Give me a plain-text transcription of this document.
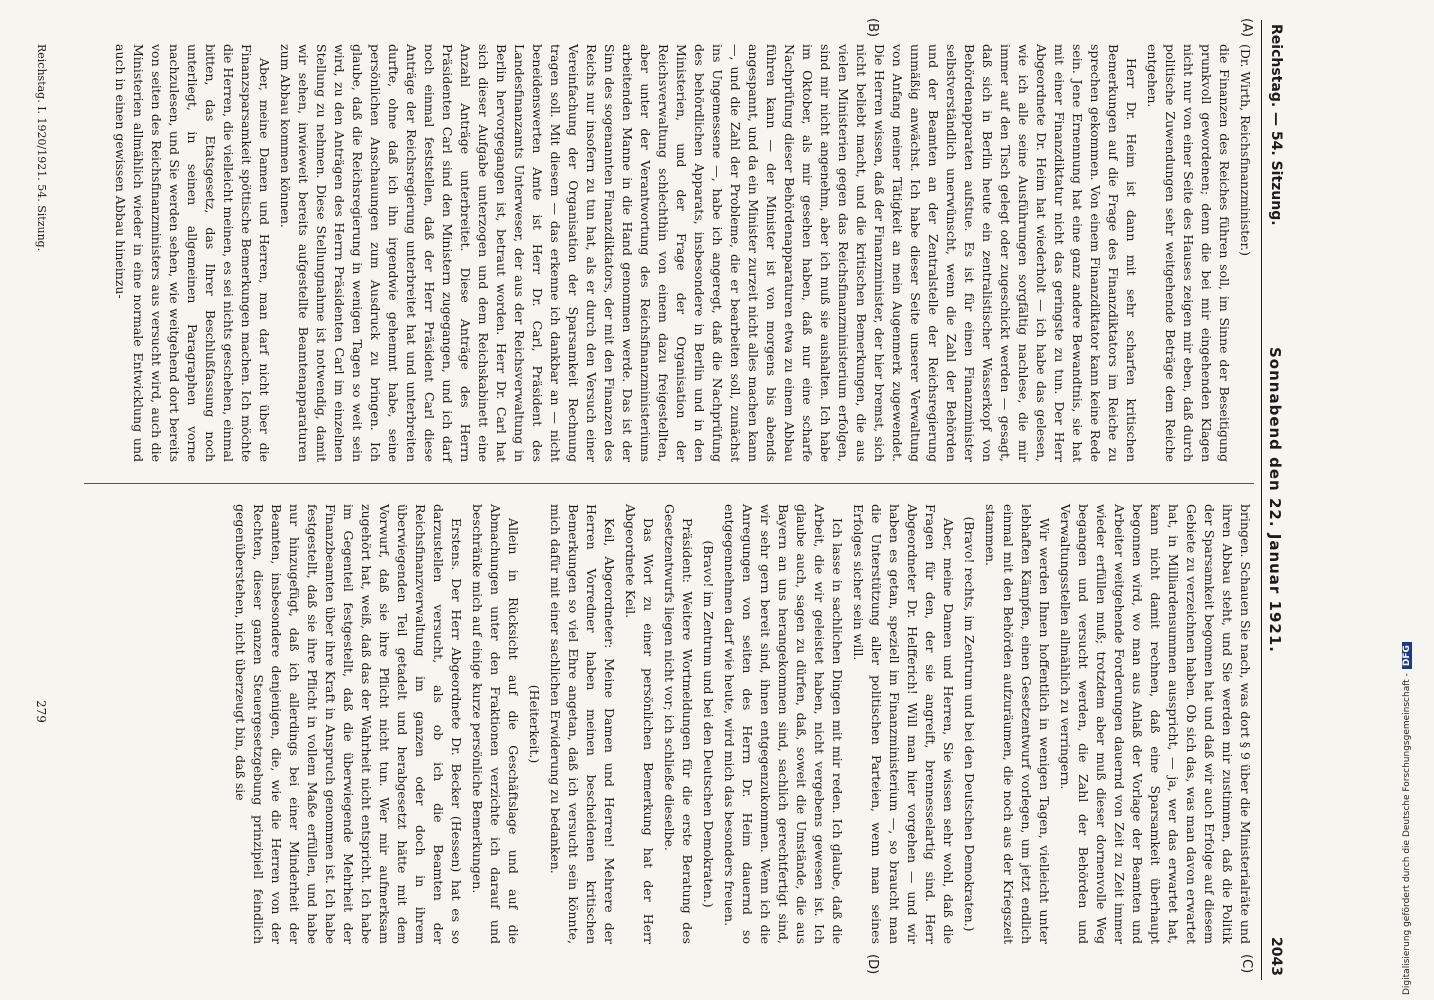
Reichstag. — 54. Sitzung.
Sonnabend den 22. Januar 1921.
2043
(A)
(B)
(C)
(D)

(Dr. Wirth, Reichsfinanzminister.)

die Finanzen des Reiches führen soll, im Sinne der Beseitigung prunkvoll gewordenen; denn die bei mir eingehenden Klagen nicht nur von einer Seite des Hauses zeigen mir eben, daß durch politische Zuwendungen sehr weitgehende Beträge dem Reiche entgehen.

Herr Dr. Heim ist dann mit sehr scharfen kritischen Bemerkungen auf die Frage des Finanzdiktators im Reiche zu sprechen gekommen. Von einem Finanzdiktator kann keine Rede sein. Jene Ernennung hat eine ganz andere Bewandtnis, sie hat mit einer Finanzdiktatur nicht das geringste zu tun. Der Herr Abgeordnete Dr. Heim hat wiederholt — ich habe das gelesen, wie ich alle seine Ausführungen sorgfältig nachlese, die mir immer auf den Tisch gelegt oder zugeschickt werden — gesagt, daß sich in Berlin heute ein zentralistischer Wasserkopf von Behördenapparaten aufstue. Es ist für einen Finanzminister selbstverständlich unerwünscht, wenn die Zahl der Behörden und der Beamten an der Zentralstelle der Reichsregierung unmäßig anwächst. Ich habe dieser Seite unserer Verwaltung von Anfang meiner Tätigkeit an mein Augenmerk zugewendet. Die Herren wissen, daß der Finanzminister, der hier bremst, sich nicht beliebt macht, und die kritischen Bemerkungen, die aus vielen Ministerien gegen das Reichsfinanzministerium erfolgen, sind mir nicht angenehm, aber ich muß sie aushalten. Ich habe im Oktober, als mir gesehen haben, daß nur eine scharfe Nachprüfung dieser Behördenapparaturen etwa zu einem Abbau führen kann — der Minister ist von morgens bis abends angespannt, und da ein Minister zurzeit nicht alles machen kann —, und die Zahl der Probleme, die er bearbeiten soll, zunächst ins Ungemessene —, habe ich angeregt, daß die Nachprüfung des behördlichen Apparats, insbesondere in Berlin und in den Ministerien, und der Frage der Organisation der Reichsverwaltung schlechthin von einem dazu freigestellten, aber unter der Verantwortung des Reichsfinanzministeriums arbeitenden Manne in die Hand genommen werde. Das ist der Sinn des sogenannten Finanzdiktators, der mit den Finanzen des Reichs nur insofern zu tun hat, als er durch den Versuch einer Vereinfachung der Organisation der Sparsamkeit Rechnung tragen soll. Mit diesem — das erkenne ich dankbar an — nicht beneidenswerten Amte ist Herr Dr. Carl, Präsident des Landesfinanzamts Unterweser, der aus der Reichsverwaltung in Berlin hervorgegangen ist, betraut worden. Herr Dr. Carl hat sich dieser Aufgabe unterzogen und dem Reichskabinett eine Anzahl Anträge unterbreitet. Diese Anträge des Herrn Präsidenten Carl sind den Ministern zugegangen, und ich darf noch einmal feststellen, daß der Herr Präsident Carl diese Anträge der Reichsregierung unterbreitet hat und unterbreiten durfte, ohne daß ich ihn irgendwie gehemmt habe, seine persönlichen Anschauungen zum Ausdruck zu bringen. Ich glaube, daß die Reichsregierung in wenigen Tagen so weit sein wird, zu den Anträgen des Herrn Präsidenten Carl im einzelnen Stellung zu nehmen. Diese Stellungnahme ist notwendig, damit wir sehen, inwieweit bereits aufgestellte Beamtenapparaturen zum Abbau kommen können.

Aber, meine Damen und Herren, man darf nicht über die Finanzsparsamkeit spöttische Bemerkungen machen. Ich möchte die Herren, die vielleicht meinen, es sei nichts geschehen, einmal bitten, das Etatsgesetz, das Ihrer Beschlußfassung noch unterliegt, in seinen allgemeinen Paragraphen vorne nachzulesen, und Sie werden sehen, wie weitgehend dort bereits von seiten des Reichsfinanzministers aus versucht wird, auch die Ministerien allmählich wieder in eine normale Entwicklung und auch in einen gewissen Abbau hineinzu-

bringen. Schauen Sie nach, was dort § 9 über die Ministerialräte und ihren Abbau steht, und Sie werden mir zustimmen, daß die Politik der Sparsamkeit begonnen hat und daß wir auch Erfolge auf diesem Gebiete zu verzeichnen haben. Ob sich das, was man davon erwartet hat, in Milliardensummen ausspricht, — ja, wer das erwartet hat, kann nicht damit rechnen, daß eine Sparsamkeit überhaupt begonnen wird, wo man aus Anlaß der Vorlage der Beamten und Arbeiter weitgehende Forderungen dauernd von Zeit zu Zeit immer wieder erfüllen muß; trotzdem aber muß dieser dornenvolle Weg begangen und versucht werden, die Zahl der Behörden und Verwaltungsstellen allmählich zu verringern.

Wir werden Ihnen hoffentlich in wenigen Tagen, vielleicht unter lebhaften Kämpfen, einen Gesetzentwurf vorlegen, um jetzt endlich einmal mit den Behörden aufzuräumen, die noch aus der Kriegszeit stammen.

(Bravo! rechts, im Zentrum und bei den Deutschen Demokraten.)

Aber, meine Damen und Herren, Sie wissen sehr wohl, daß die Fragen für den, der sie angreift, brennesselartig sind. Herr Abgeordneter Dr. Helfferich! Will man hier vorgehen — und wir haben es getan, speziell im Finanzministerium —, so braucht man die Unterstützung aller politischen Parteien, wenn man seines Erfolges sicher sein will.

Ich lasse in sachlichen Dingen mit mir reden. Ich glaube, daß die Arbeit, die wir geleistet haben, nicht vergebens gewesen ist. Ich glaube auch, sagen zu dürfen, daß, soweit die Umstände, die aus Bayern an uns herangekommen sind, sachlich gerechtfertigt sind, wir sehr gern bereit sind, ihnen entgegenzukommen. Wenn ich die Anregungen von seiten des Herrn Dr. Heim dauernd so entgegennehmen darf wie heute, wird mich das besonders freuen.

(Bravo! im Zentrum und bei den Deutschen Demokraten.)

Präsident: Weitere Wortmeldungen für die erste Beratung des Gesetzentwurfs liegen nicht vor; ich schließe dieselbe.

Das Wort zu einer persönlichen Bemerkung hat der Herr Abgeordnete Keil.

Keil, Abgeordneter: Meine Damen und Herren! Mehrere der Herren Vorredner haben meinen bescheidenen kritischen Bemerkungen so viel Ehre angetan, daß ich versucht sein könnte, mich dafür mit einer sachlichen Erwiderung zu bedanken.

(Heiterkeit.)

Allein in Rücksicht auf die Geschäftslage und auf die Abmachungen unter den Fraktionen verzichte ich darauf und beschränke mich auf einige kurze persönliche Bemerkungen.

Erstens. Der Herr Abgeordnete Dr. Becker (Hessen) hat es so darzustellen versucht, als ob ich die Beamten der Reichsfinanzverwaltung im ganzen oder doch in ihrem überwiegenden Teil getadelt und herabgesetzt hätte mit dem Vorwurf, daß sie ihre Pflicht nicht tun. Wer mir aufmerksam zugehört hat, weiß, daß das der Wahrheit nicht entspricht. Ich habe im Gegenteil festgestellt, daß die überwiegende Mehrheit der Finanzbeamten über ihre Kraft in Anspruch genommen ist. Ich habe festgestellt, daß sie ihre Pflicht in vollem Maße erfüllen, und habe nur hinzugefügt, daß ich allerdings bei einer Minderheit der Beamten, insbesondere denjenigen, die, wie die Herren von der Rechten, dieser ganzen Steuergesetzgebung prinzipiell feindlich gegenüberstehen, nicht überzeugt bin, daß sie

Reichstag. I. 1920/1921. 54. Sitzung.
279	Digitalisierung gefördert durch die Deutsche Forschungsgemeinschaft -DFG
